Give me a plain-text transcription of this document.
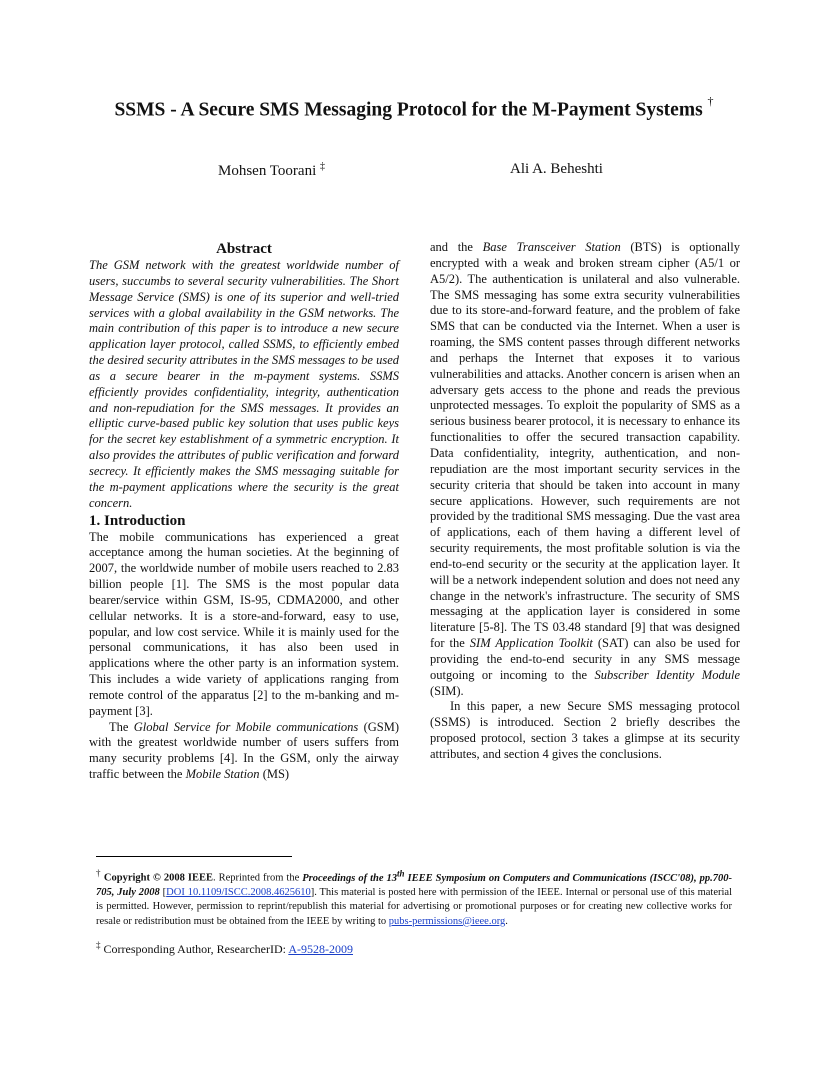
SSMS - A Secure SMS Messaging Protocol for the M-Payment Systems †
Mohsen Toorani ‡	Ali A. Beheshti

Abstract

The GSM network with the greatest worldwide number of users, succumbs to several security vulnerabilities. The Short Message Service (SMS) is one of its superior and well-tried services with a global availability in the GSM networks. The main contribution of this paper is to introduce a new secure application layer protocol, called SSMS, to efficiently embed the desired security attributes in the SMS messages to be used as a secure bearer in the m-payment systems. SSMS efficiently provides confidentiality, integrity, authentication and non-repudiation for the SMS messages. It provides an elliptic curve-based public key solution that uses public keys for the secret key establishment of a symmetric encryption. It also provides the attributes of public verification and forward secrecy. It efficiently makes the SMS messaging suitable for the m-payment applications where the security is the great concern.

1. Introduction

The mobile communications has experienced a great acceptance among the human societies. At the beginning of 2007, the worldwide number of mobile users reached to 2.83 billion people [1]. The SMS is the most popular data bearer/service within GSM, IS-95, CDMA2000, and other cellular networks. It is a store-and-forward, easy to use, popular, and low cost service. While it is mainly used for the personal communications, it has also been used in applications where the other party is an information system. This includes a wide variety of applications ranging from remote control of the apparatus [2] to the m-banking and m-payment [3].

The Global Service for Mobile communications (GSM) with the greatest worldwide number of users suffers from many security problems [4]. In the GSM, only the airway traffic between the Mobile Station (MS)

and the Base Transceiver Station (BTS) is optionally encrypted with a weak and broken stream cipher (A5/1 or A5/2). The authentication is unilateral and also vulnerable. The SMS messaging has some extra security vulnerabilities due to its store-and-forward feature, and the problem of fake SMS that can be conducted via the Internet. When a user is roaming, the SMS content passes through different networks and perhaps the Internet that exposes it to various vulnerabilities and attacks. Another concern is arisen when an adversary gets access to the phone and reads the previous unprotected messages. To exploit the popularity of SMS as a serious business bearer protocol, it is necessary to enhance its functionalities to offer the secured transaction capability. Data confidentiality, integrity, authentication, and non-repudiation are the most important security services in the security criteria that should be taken into account in many secure applications. However, such requirements are not provided by the traditional SMS messaging. Due the vast area of applications, each of them having a different level of security requirements, the most profitable solution is via the end-to-end security or the security at the application layer. It will be a network independent solution and does not need any change in the network's infrastructure. The security of SMS messaging at the application layer is considered in some literature [5-8]. The TS 03.48 standard [9] that was designed for the SIM Application Toolkit (SAT) can also be used for providing the end-to-end security in any SMS message outgoing or incoming to the Subscriber Identity Module (SIM).

In this paper, a new Secure SMS messaging protocol (SSMS) is introduced. Section 2 briefly describes the proposed protocol, section 3 takes a glimpse at its security attributes, and section 4 gives the conclusions.

† Copyright © 2008 IEEE. Reprinted from the Proceedings of the 13th IEEE Symposium on Computers and Communications (ISCC'08), pp.700-705, July 2008 [DOI 10.1109/ISCC.2008.4625610]. This material is posted here with permission of the IEEE. Internal or personal use of this material is permitted. However, permission to reprint/republish this material for advertising or promotional purposes or for creating new collective works for resale or redistribution must be obtained from the IEEE by writing to pubs-permissions@ieee.org.
‡ Corresponding Author, ResearcherID: A-9528-2009
